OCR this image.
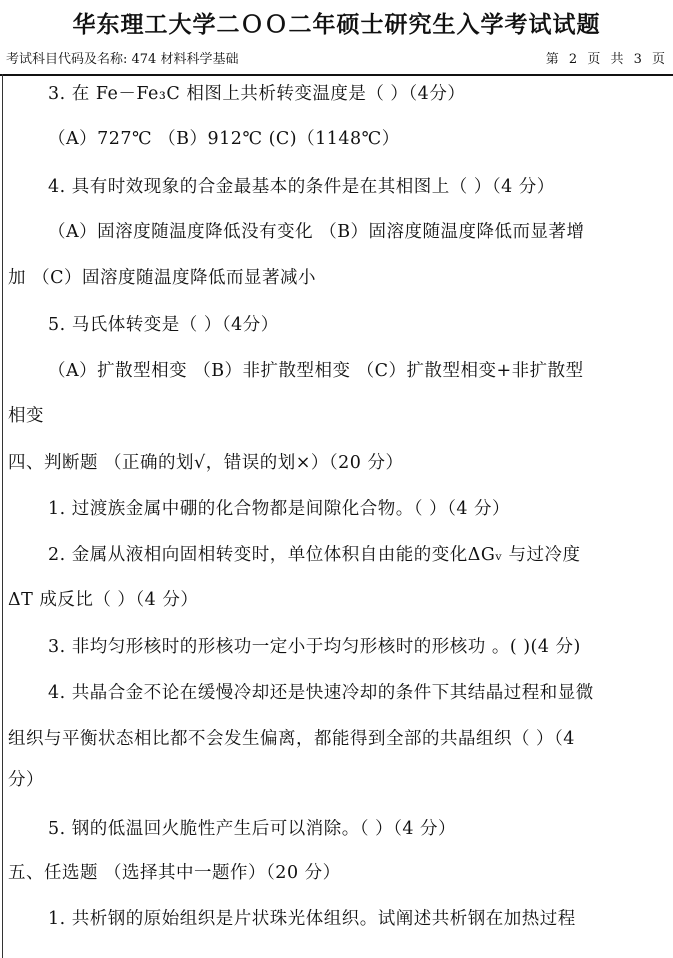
华东理工大学二ＯＯ二年硕士研究生入学考试试题
考试科目代码及名称: 474 材料科学基础	第 2 页 共 3 页
3. 在 Fe－Fe₃C 相图上共析转变温度是（ ）（4分）
（A）727℃ （B）912℃ (C)（1148℃）
4. 具有时效现象的合金最基本的条件是在其相图上（ ）（4 分）
（A）固溶度随温度降低没有变化 （B）固溶度随温度降低而显著增
加 （C）固溶度随温度降低而显著减小
5. 马氏体转变是（ ）（4分）
（A）扩散型相变 （B）非扩散型相变 （C）扩散型相变+非扩散型
相变
四、判断题 （正确的划√，错误的划×）（20 分）
1. 过渡族金属中硼的化合物都是间隙化合物。（ ）（4 分）
2. 金属从液相向固相转变时，单位体积自由能的变化ΔGᵥ 与过冷度
ΔT 成反比（ ）（4 分）
3. 非均匀形核时的形核功一定小于均匀形核时的形核功 。( )(4 分)
4. 共晶合金不论在缓慢冷却还是快速冷却的条件下其结晶过程和显微
组织与平衡状态相比都不会发生偏离，都能得到全部的共晶组织（ ）（4
分）
5. 钢的低温回火脆性产生后可以消除。（ ）（4 分）
五、任选题 （选择其中一题作）（20 分）
1. 共析钢的原始组织是片状珠光体组织。试阐述共析钢在加热过程
